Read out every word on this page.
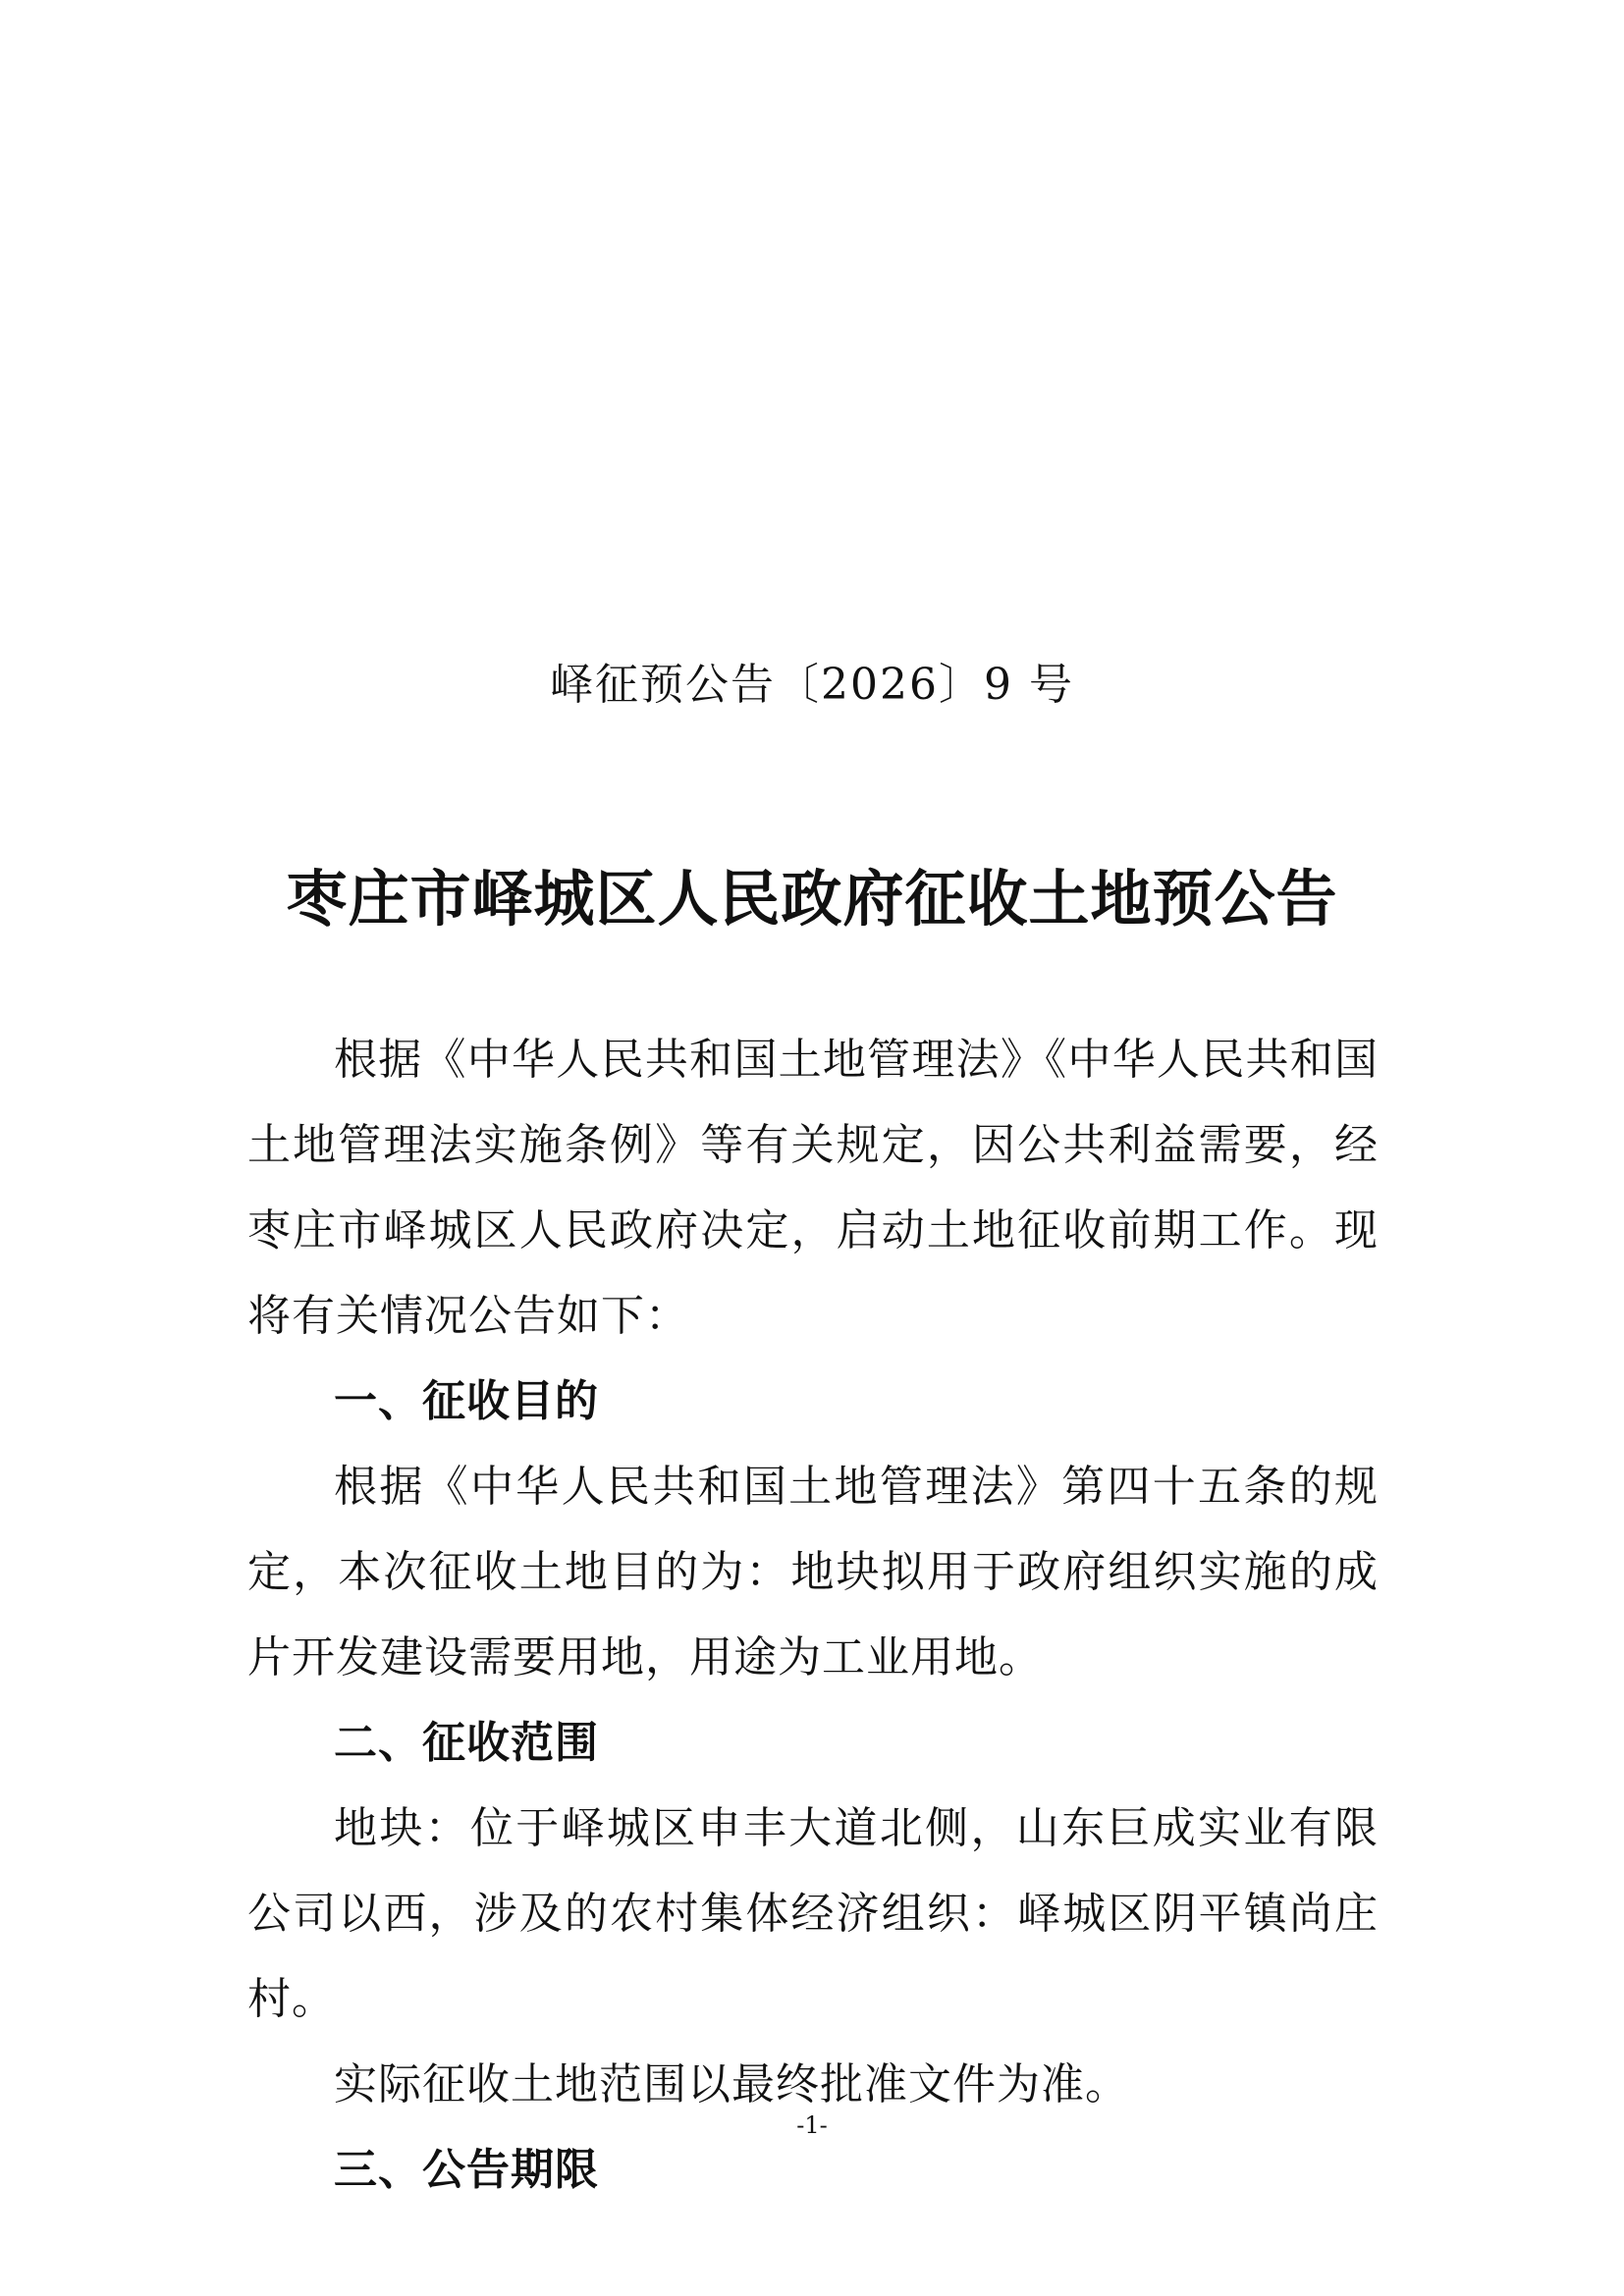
峄征预公告〔2026〕9 号
枣庄市峄城区人民政府征收土地预公告

根据《中华人民共和国土地管理法》《中华人民共和国土地管理法实施条例》等有关规定，因公共利益需要，经枣庄市峄城区人民政府决定，启动土地征收前期工作。现将有关情况公告如下：

一、征收目的

根据《中华人民共和国土地管理法》第四十五条的规定，本次征收土地目的为：地块拟用于政府组织实施的成片开发建设需要用地，用途为工业用地。

二、征收范围

地块：位于峄城区申丰大道北侧，山东巨成实业有限公司以西，涉及的农村集体经济组织：峄城区阴平镇尚庄村。

实际征收土地范围以最终批准文件为准。

三、公告期限

-1-
